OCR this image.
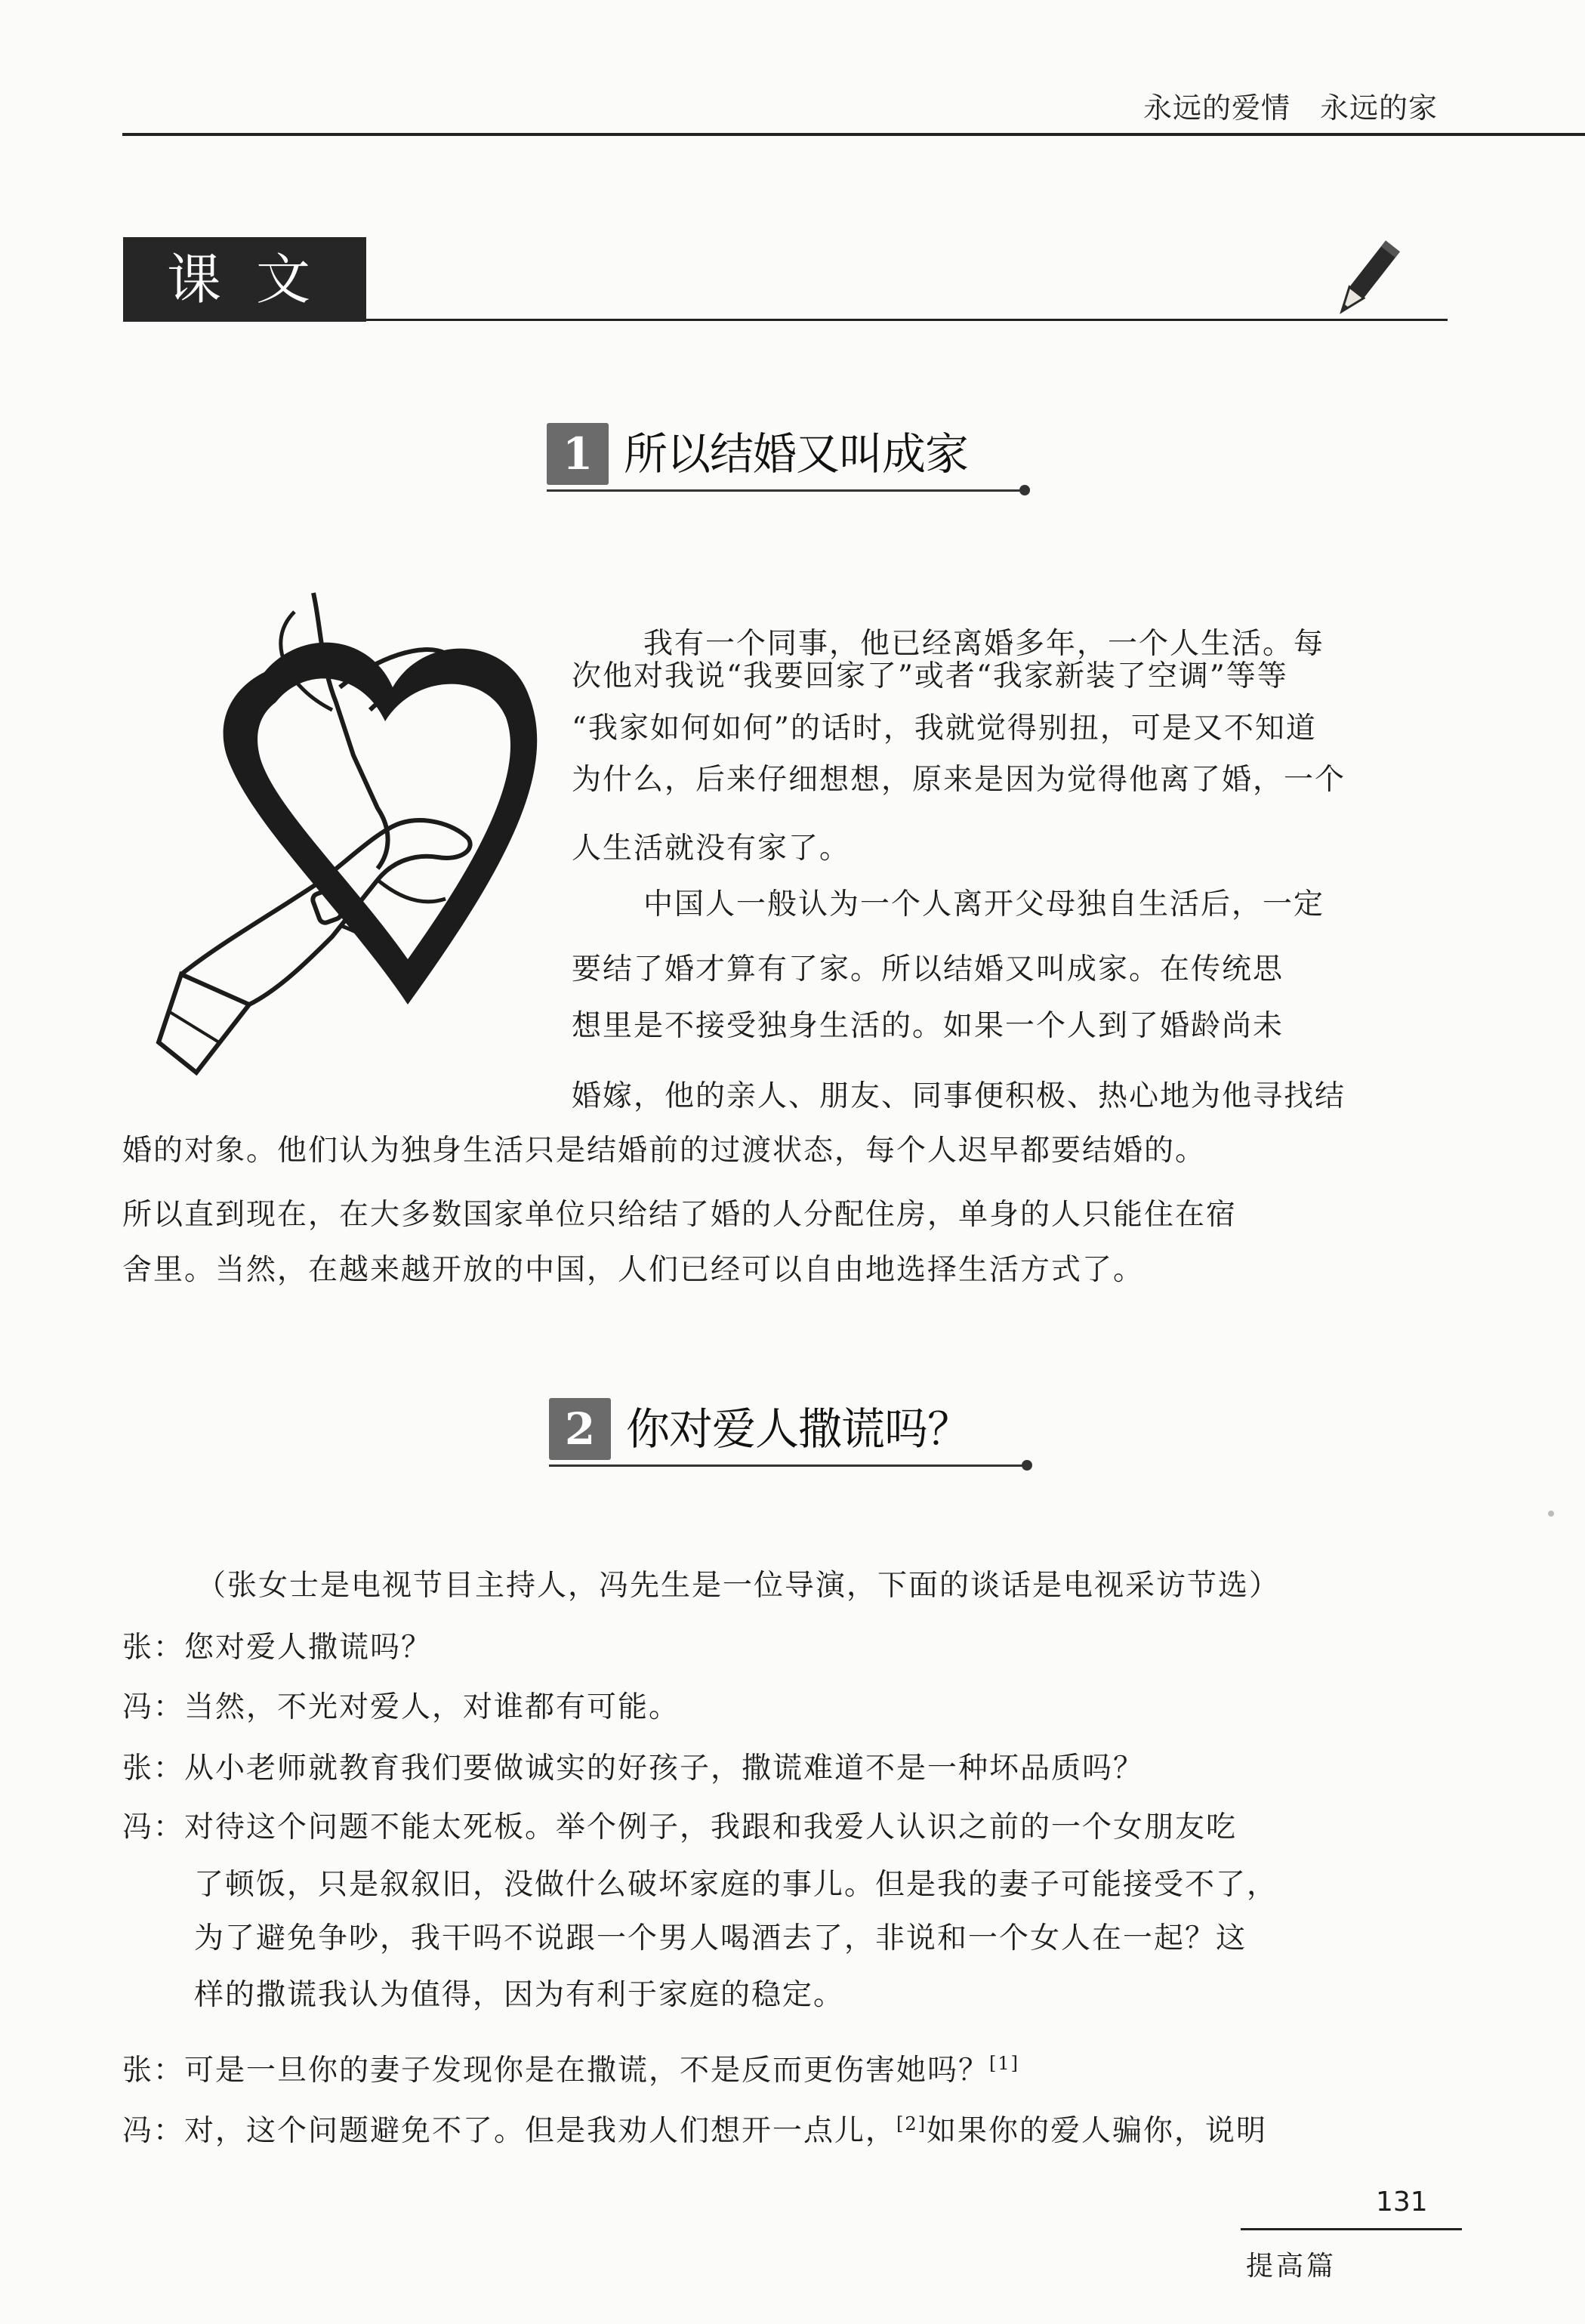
永远的爱情　永远的家
课文
1 所以结婚又叫成家
我有一个同事，他已经离婚多年，一个人生活。每
次他对我说“我要回家了”或者“我家新装了空调”等等
“我家如何如何”的话时，我就觉得别扭，可是又不知道
为什么，后来仔细想想，原来是因为觉得他离了婚，一个
人生活就没有家了。
中国人一般认为一个人离开父母独自生活后，一定
要结了婚才算有了家。所以结婚又叫成家。在传统思
想里是不接受独身生活的。如果一个人到了婚龄尚未
婚嫁，他的亲人、朋友、同事便积极、热心地为他寻找结
婚的对象。他们认为独身生活只是结婚前的过渡状态，每个人迟早都要结婚的。
所以直到现在，在大多数国家单位只给结了婚的人分配住房，单身的人只能住在宿
舍里。当然，在越来越开放的中国，人们已经可以自由地选择生活方式了。
2 你对爱人撒谎吗？
（张女士是电视节目主持人，冯先生是一位导演，下面的谈话是电视采访节选）
张：您对爱人撒谎吗？
冯：当然，不光对爱人，对谁都有可能。
张：从小老师就教育我们要做诚实的好孩子，撒谎难道不是一种坏品质吗？
冯：对待这个问题不能太死板。举个例子，我跟和我爱人认识之前的一个女朋友吃
了顿饭，只是叙叙旧，没做什么破坏家庭的事儿。但是我的妻子可能接受不了，
为了避免争吵，我干吗不说跟一个男人喝酒去了，非说和一个女人在一起？这
样的撒谎我认为值得，因为有利于家庭的稳定。
张：可是一旦你的妻子发现你是在撒谎，不是反而更伤害她吗？[1]
冯：对，这个问题避免不了。但是我劝人们想开一点儿，[2]如果你的爱人骗你，说明
131
提高篇
